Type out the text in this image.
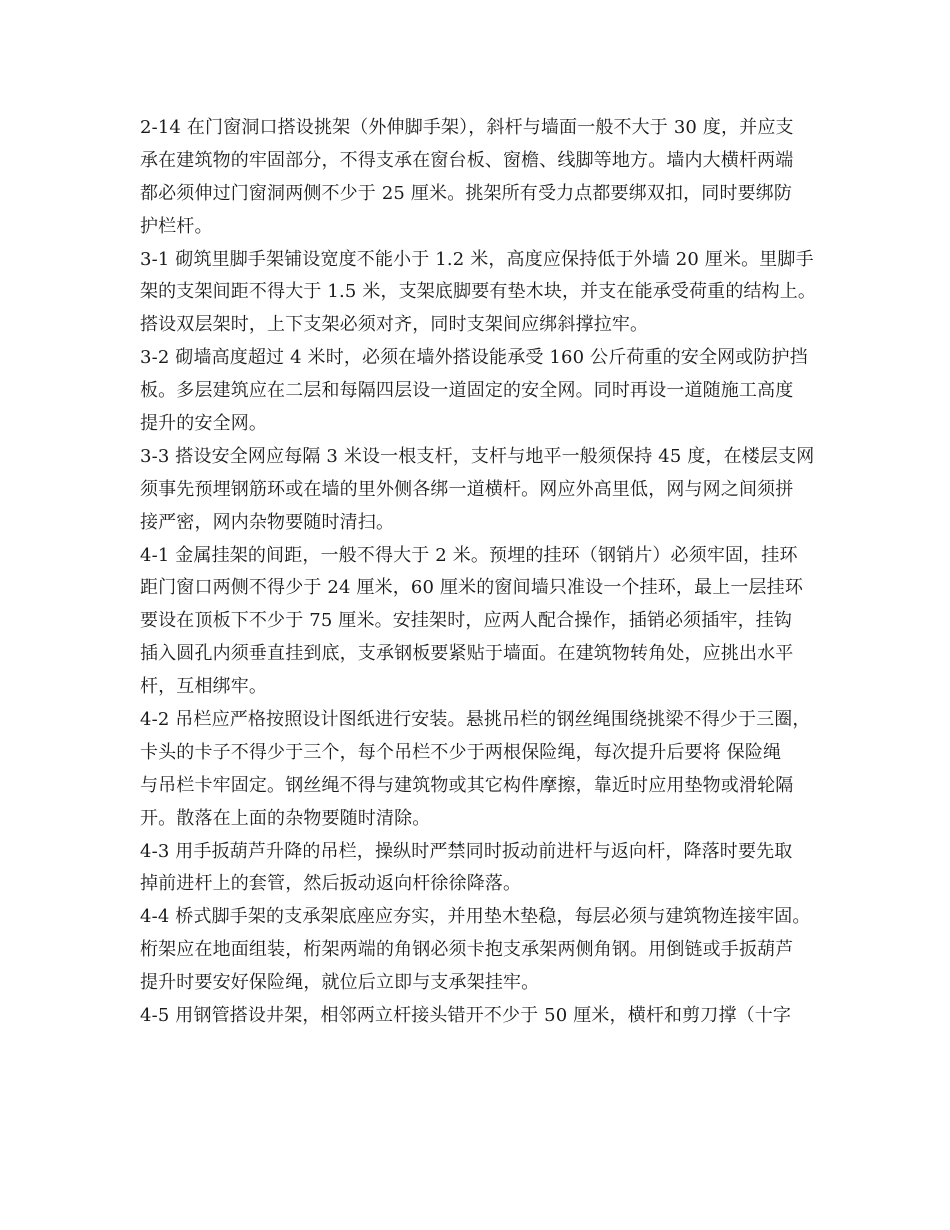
2-14 在门窗洞口搭设挑架（外伸脚手架），斜杆与墙面一般不大于 30 度，并应支
承在建筑物的牢固部分，不得支承在窗台板、窗檐、线脚等地方。墙内大横杆两端
都必须伸过门窗洞两侧不少于 25 厘米。挑架所有受力点都要绑双扣，同时要绑防
护栏杆。
3-1 砌筑里脚手架铺设宽度不能小于 1.2 米，高度应保持低于外墙 20 厘米。里脚手
架的支架间距不得大于 1.5 米，支架底脚要有垫木块，并支在能承受荷重的结构上。
搭设双层架时，上下支架必须对齐，同时支架间应绑斜撑拉牢。
3-2 砌墙高度超过 4 米时，必须在墙外搭设能承受 160 公斤荷重的安全网或防护挡
板。多层建筑应在二层和每隔四层设一道固定的安全网。同时再设一道随施工高度
提升的安全网。
3-3 搭设安全网应每隔 3 米设一根支杆，支杆与地平一般须保持 45 度，在楼层支网
须事先预埋钢筋环或在墙的里外侧各绑一道横杆。网应外高里低，网与网之间须拼
接严密，网内杂物要随时清扫。
4-1 金属挂架的间距，一般不得大于 2 米。预埋的挂环（钢销片）必须牢固，挂环
距门窗口两侧不得少于 24 厘米，60 厘米的窗间墙只准设一个挂环，最上一层挂环
要设在顶板下不少于 75 厘米。安挂架时，应两人配合操作，插销必须插牢，挂钩
插入圆孔内须垂直挂到底，支承钢板要紧贴于墙面。在建筑物转角处，应挑出水平
杆，互相绑牢。
4-2 吊栏应严格按照设计图纸进行安装。悬挑吊栏的钢丝绳围绕挑梁不得少于三圈，
卡头的卡子不得少于三个，每个吊栏不少于两根保险绳，每次提升后要将 保险绳
与吊栏卡牢固定。钢丝绳不得与建筑物或其它构件摩擦，靠近时应用垫物或滑轮隔
开。散落在上面的杂物要随时清除。
4-3 用手扳葫芦升降的吊栏，操纵时严禁同时扳动前进杆与返向杆，降落时要先取
掉前进杆上的套管，然后扳动返向杆徐徐降落。
4-4 桥式脚手架的支承架底座应夯实，并用垫木垫稳，每层必须与建筑物连接牢固。
桁架应在地面组装，桁架两端的角钢必须卡抱支承架两侧角钢。用倒链或手扳葫芦
提升时要安好保险绳，就位后立即与支承架挂牢。
4-5 用钢管搭设井架，相邻两立杆接头错开不少于 50 厘米，横杆和剪刀撑（十字
